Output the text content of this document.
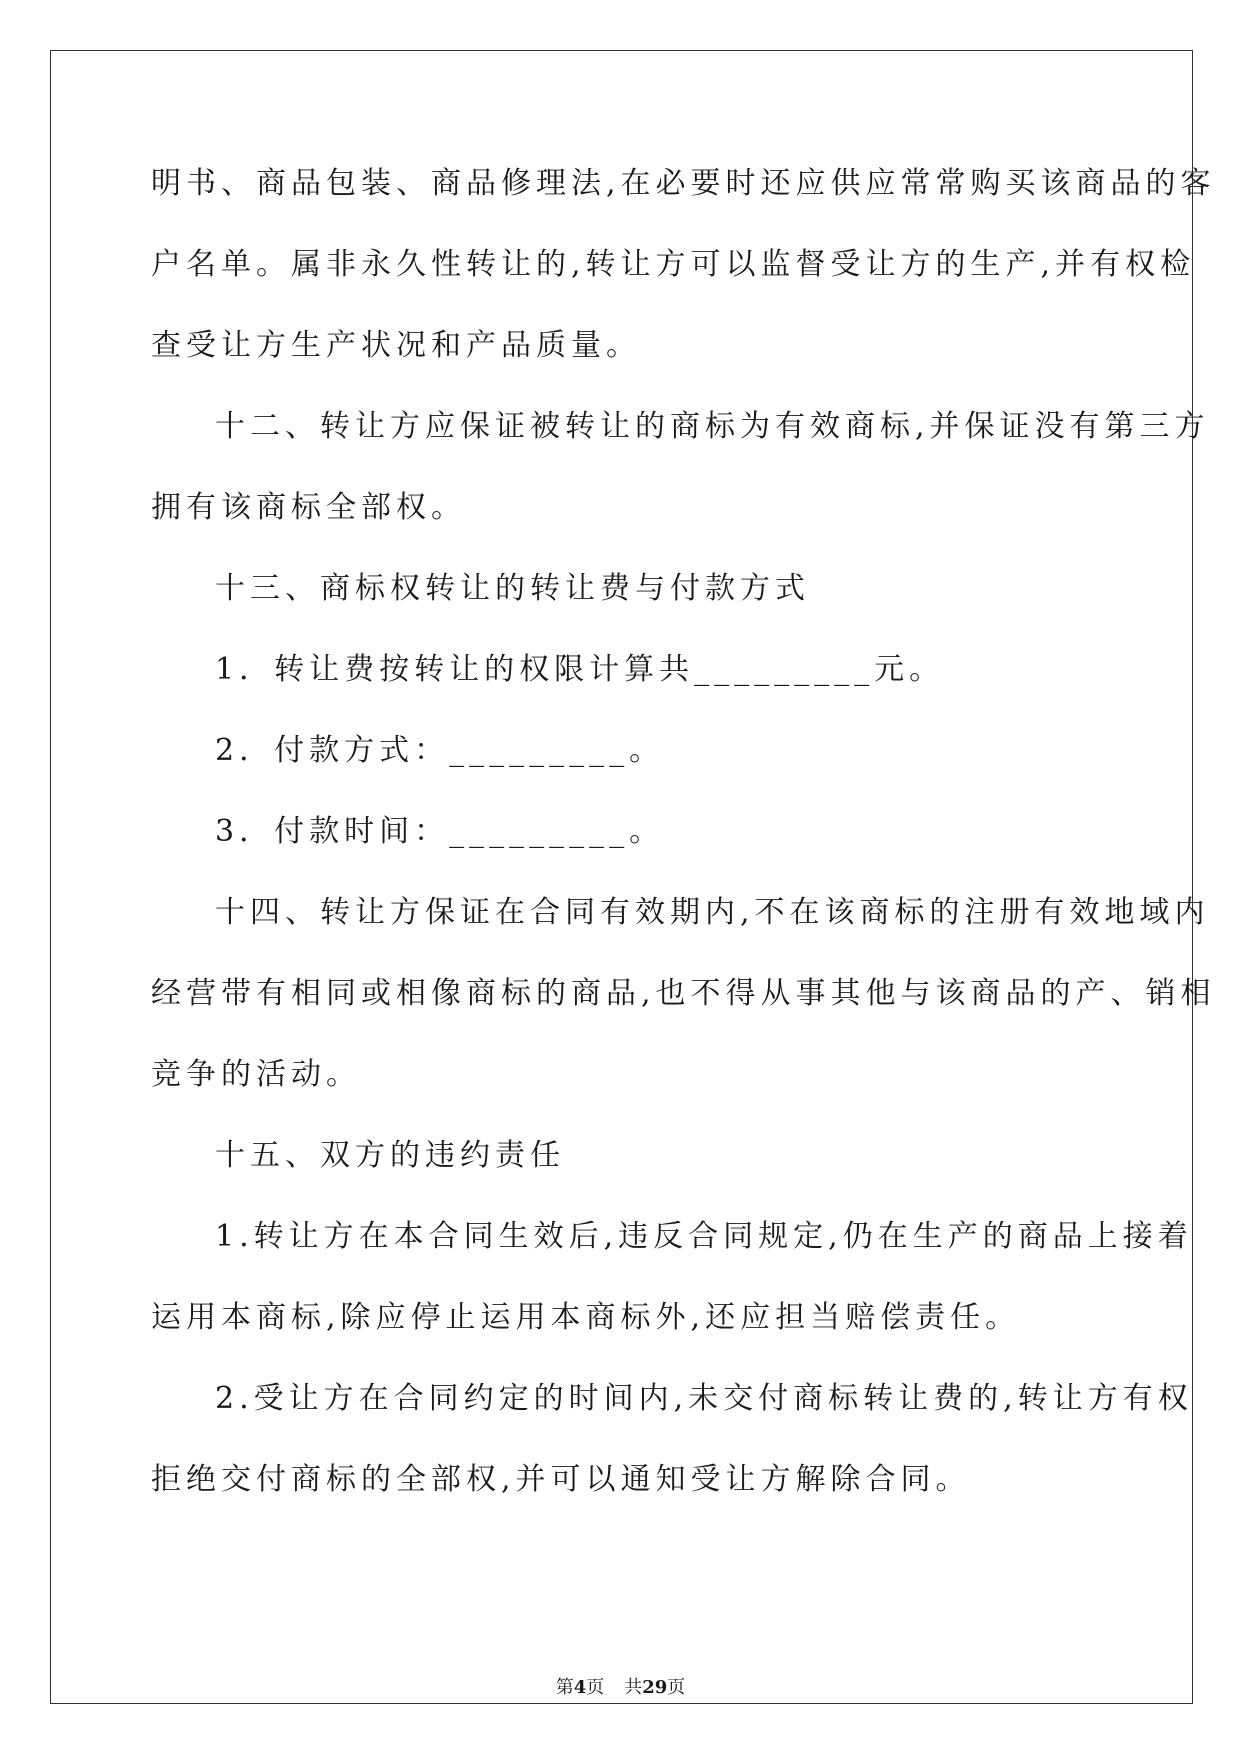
明书、商品包装、商品修理法,在必要时还应供应常常购买该商品的客

户名单。属非永久性转让的,转让方可以监督受让方的生产,并有权检

查受让方生产状况和产品质量。

十二、转让方应保证被转让的商标为有效商标,并保证没有第三方

拥有该商标全部权。

十三、商标权转让的转让费与付款方式

1．转让费按转让的权限计算共_________元。

2．付款方式：_________。

3．付款时间：_________。

十四、转让方保证在合同有效期内,不在该商标的注册有效地域内

经营带有相同或相像商标的商品,也不得从事其他与该商品的产、销相

竞争的活动。

十五、双方的违约责任

1.转让方在本合同生效后,违反合同规定,仍在生产的商品上接着

运用本商标,除应停止运用本商标外,还应担当赔偿责任。

2.受让方在合同约定的时间内,未交付商标转让费的,转让方有权

拒绝交付商标的全部权,并可以通知受让方解除合同。

第4页 共29页
